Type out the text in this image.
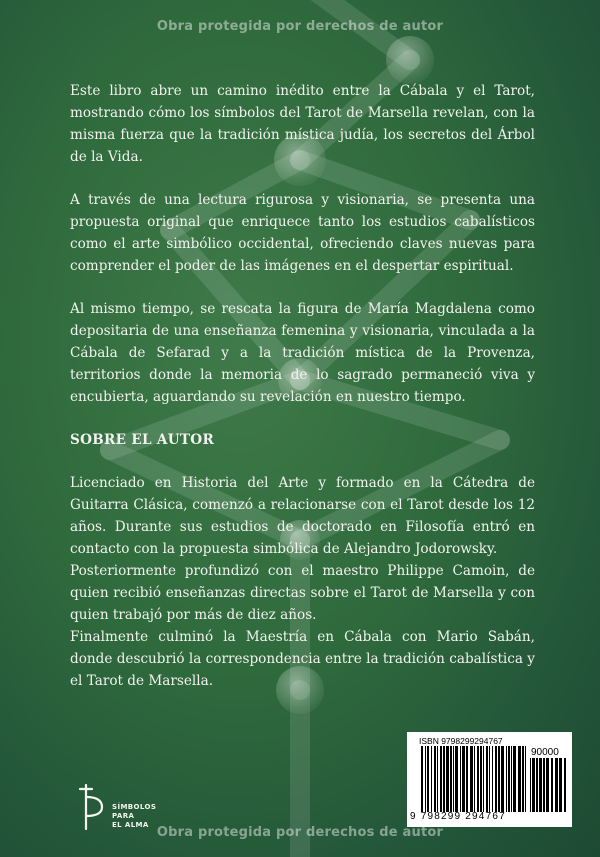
Obra protegida por derechos de autor

Este libro abre un camino inédito entre la Cábala y el Tarot, mostrando cómo los símbolos del Tarot de Marsella revelan, con la misma fuerza que la tradición mística judía, los secretos del Árbol de la Vida.

A través de una lectura rigurosa y visionaria, se presenta una propuesta original que enriquece tanto los estudios cabalísticos como el arte simbólico occidental, ofreciendo claves nuevas para comprender el poder de las imágenes en el despertar espiritual.

Al mismo tiempo, se rescata la figura de María Magdalena como depositaria de una enseñanza femenina y visionaria, vinculada a la Cábala de Sefarad y a la tradición mística de la Provenza, territorios donde la memoria de lo sagrado permaneció viva y encubierta, aguardando su revelación en nuestro tiempo.

SOBRE EL AUTOR

Licenciado en Historia del Arte y formado en la Cátedra de Guitarra Clásica, comenzó a relacionarse con el Tarot desde los 12 años. Durante sus estudios de doctorado en Filosofía entró en contacto con la propuesta simbólica de Alejandro Jodorowsky.

Posteriormente profundizó con el maestro Philippe Camoin, de quien recibió enseñanzas directas sobre el Tarot de Marsella y con quien trabajó por más de diez años.

Finalmente culminó la Maestría en Cábala con Mario Sabán, donde descubrió la correspondencia entre la tradición cabalística y el Tarot de Marsella.

ISBN 9798299294767
90000
9 798299 294767
SÍMBOLOS
PARA
EL ALMA Obra protegida por derechos de autor
